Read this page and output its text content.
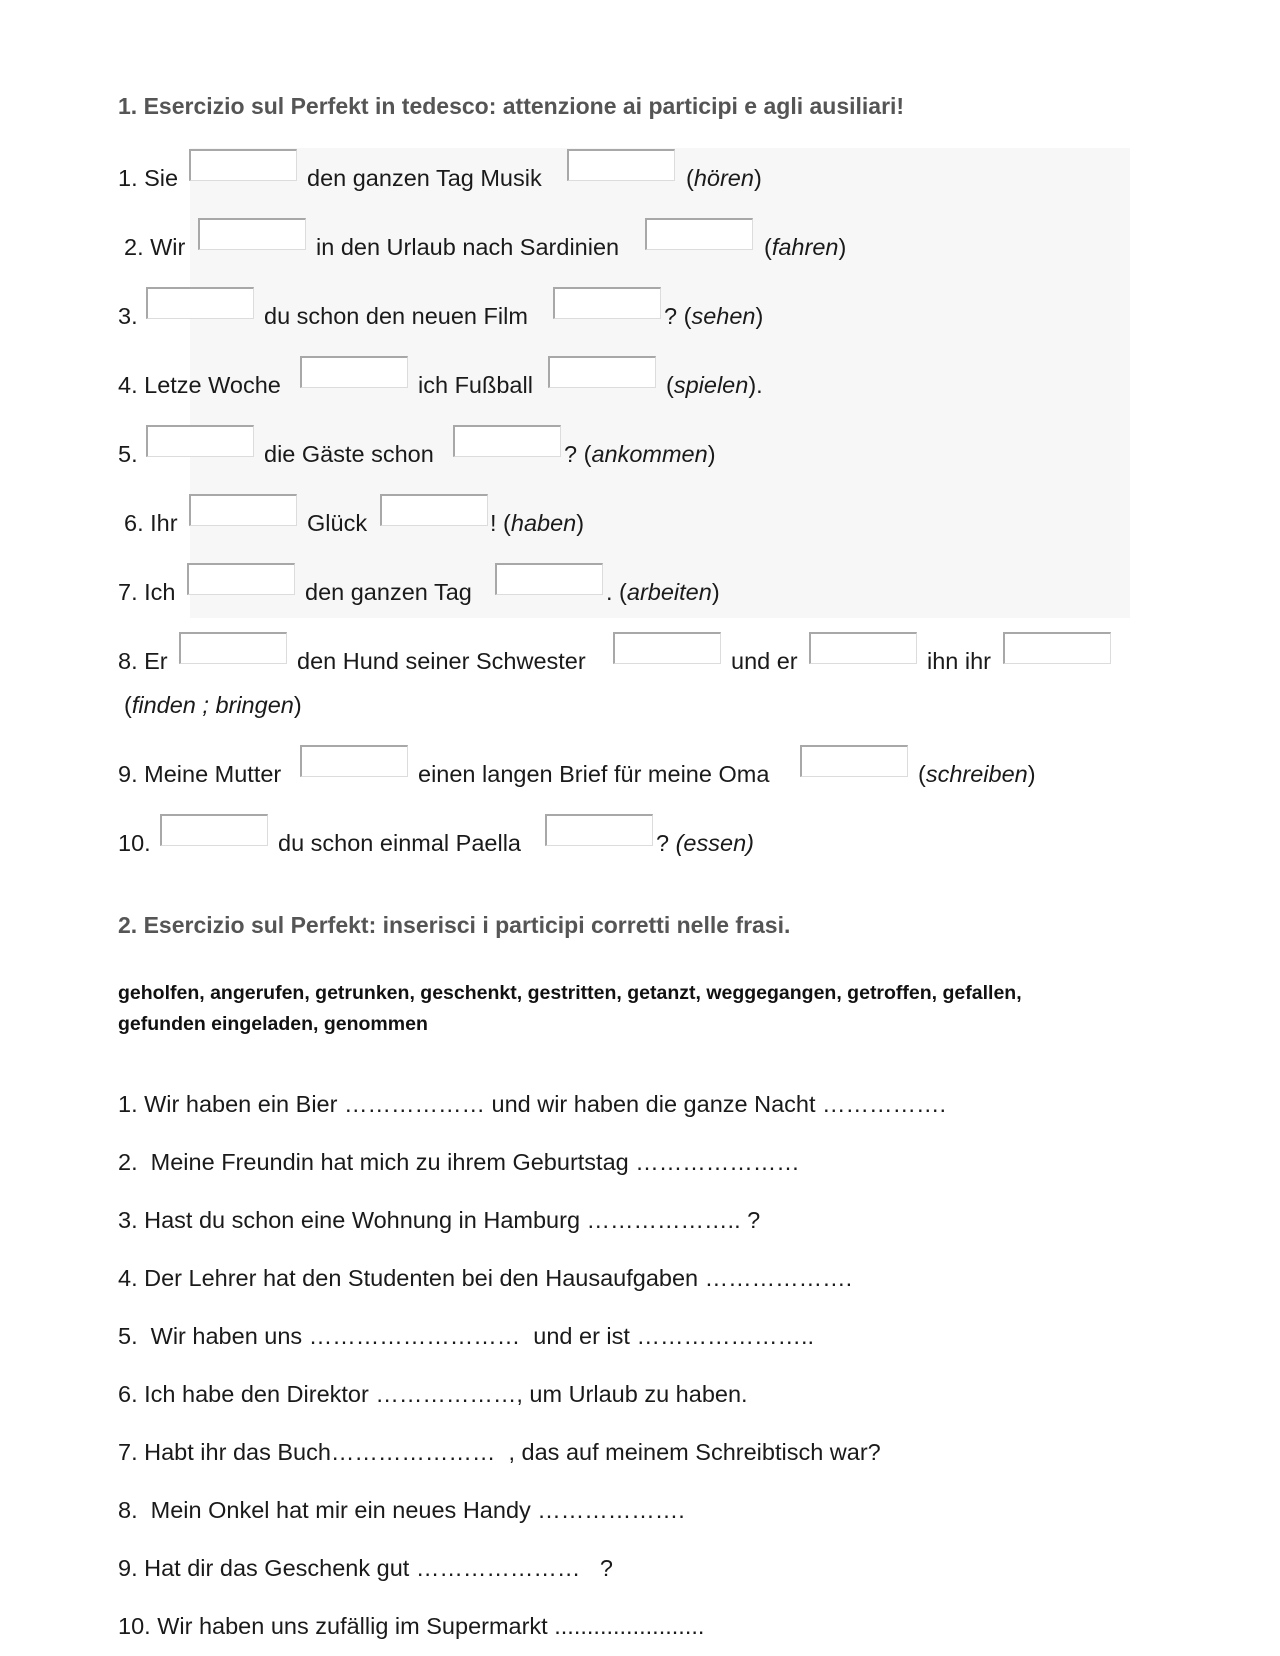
1. Esercizio sul Perfekt in tedesco: attenzione ai participi e agli ausiliari!
1. Sie	den ganzen Tag Musik	(hören)
2. Wir	in den Urlaub nach Sardinien	(fahren)
3.	du schon den neuen Film	? (sehen)
4. Letze Woche	ich Fußball	(spielen).
5.	die Gäste schon	? (ankommen)
6. Ihr	Glück	! (haben)
7. Ich	den ganzen Tag	. (arbeiten)
8. Er	den Hund seiner Schwester	und er	ihn ihr
(finden ; bringen)
9. Meine Mutter	einen langen Brief für meine Oma	(schreiben)
10.	du schon einmal Paella	? (essen)
2. Esercizio sul Perfekt: inserisci i participi corretti nelle frasi.
geholfen, angerufen, getrunken, geschenkt, gestritten, getanzt, weggegangen, getroffen, gefallen,
gefunden eingeladen, genommen
1. Wir haben ein Bier ……………… und wir haben die ganze Nacht …………….
2.  Meine Freundin hat mich zu ihrem Geburtstag …………………
3. Hast du schon eine Wohnung in Hamburg ……………….. ?
4. Der Lehrer hat den Studenten bei den Hausaufgaben ……………….
5.  Wir haben uns ………………………  und er ist …………………..
6. Ich habe den Direktor ………………, um Urlaub zu haben.
7. Habt ihr das Buch…………………  , das auf meinem Schreibtisch war?
8.  Mein Onkel hat mir ein neues Handy ……………….
9. Hat dir das Geschenk gut …………………   ?
10. Wir haben uns zufällig im Supermarkt .......................
